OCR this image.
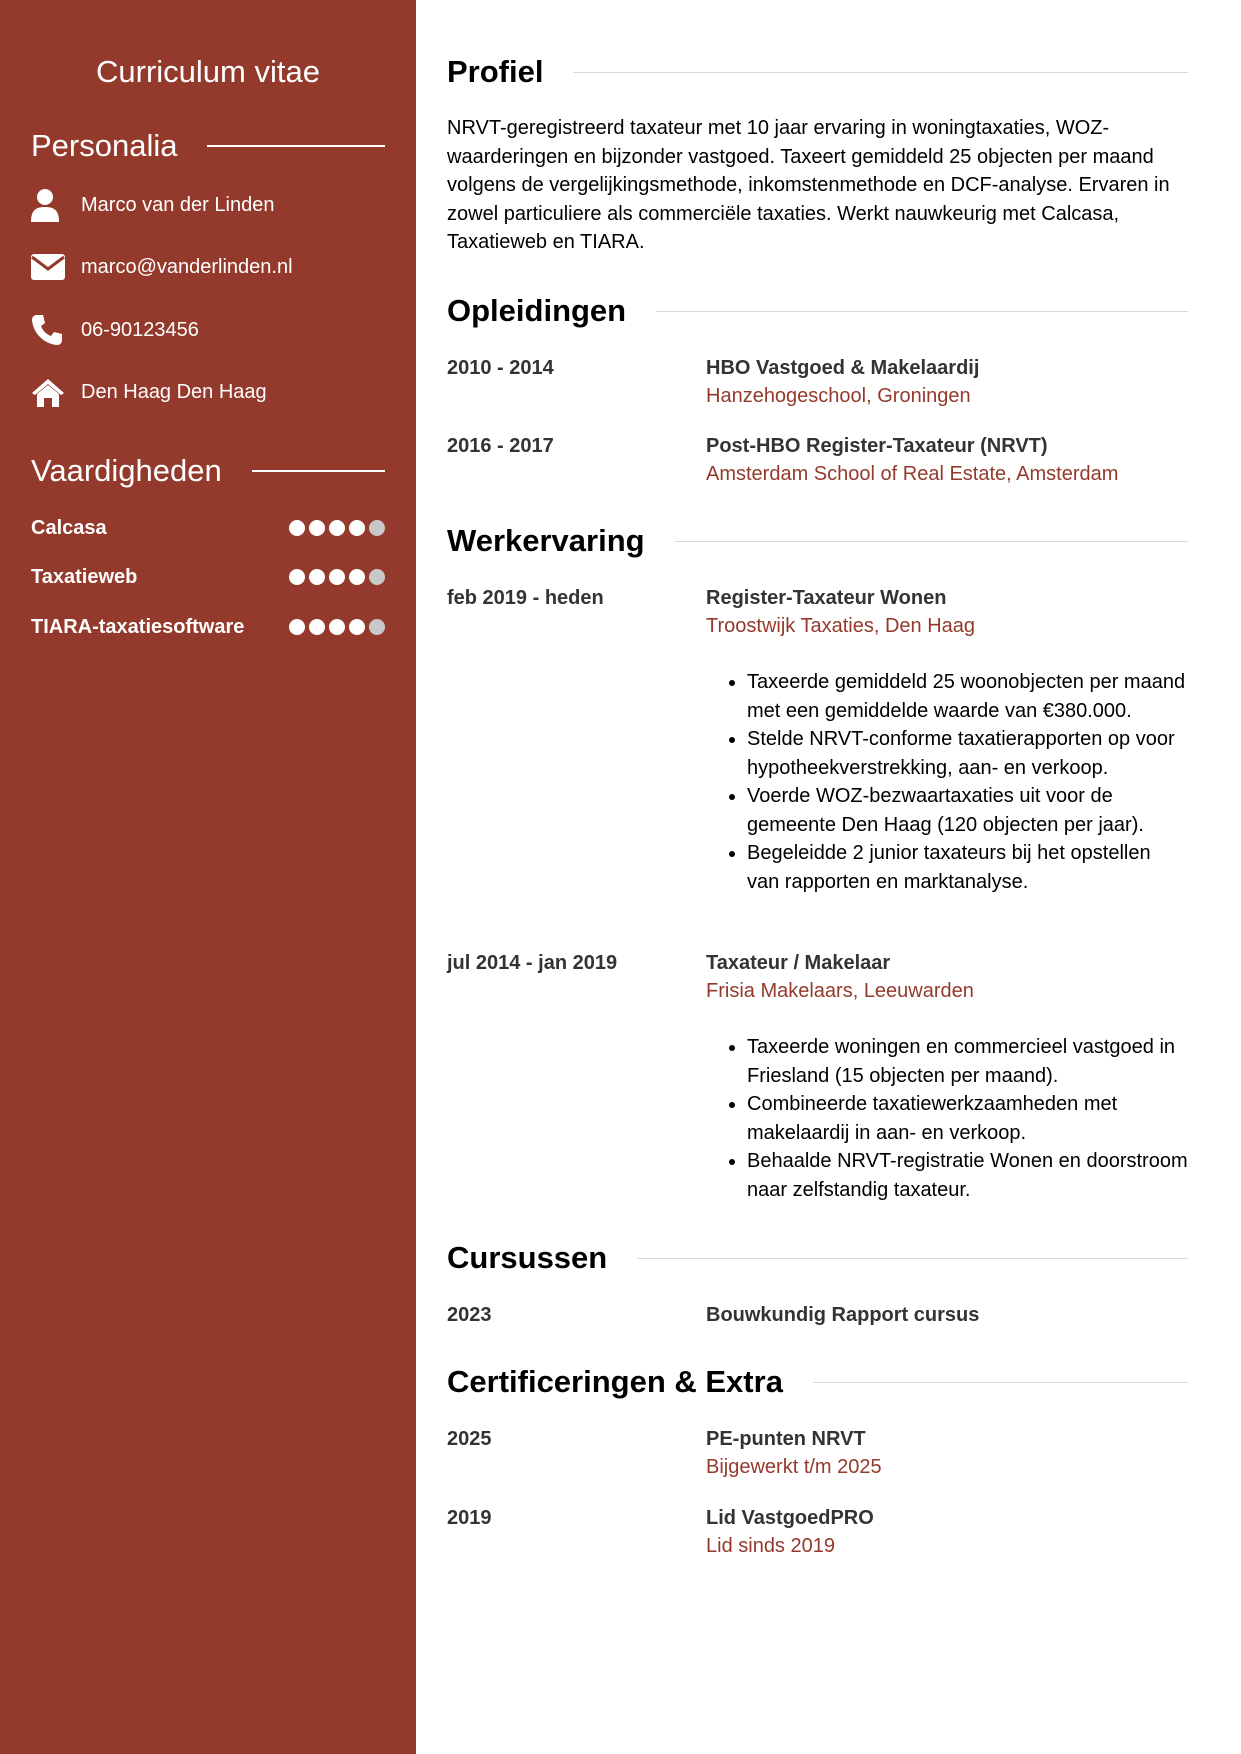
Curriculum vitae
Personalia
Marco van der Linden
marco@vanderlinden.nl
06-90123456
Den Haag Den Haag
Vaardigheden
Calcasa
Taxatieweb
TIARA-taxatiesoftware
Profiel

NRVT-geregistreerd taxateur met 10 jaar ervaring in woningtaxaties, WOZ-waarderingen en bijzonder vastgoed. Taxeert gemiddeld 25 objecten per maand volgens de vergelijkingsmethode, inkomstenmethode en DCF-analyse. Ervaren in zowel particuliere als commerciële taxaties. Werkt nauwkeurig met Calcasa, Taxatieweb en TIARA.

Opleidingen
2010 - 2014	HBO Vastgoed & Makelaardij
Hanzehogeschool, Groningen
2016 - 2017	Post-HBO Register-Taxateur (NRVT)
Amsterdam School of Real Estate, Amsterdam
Werkervaring
feb 2019 - heden	Register-Taxateur Wonen
Troostwijk Taxaties, Den Haag
• Taxeerde gemiddeld 25 woonobjecten per maand met een gemiddelde waarde van €380.000.
• Stelde NRVT-conforme taxatierapporten op voor hypotheekverstrekking, aan- en verkoop.
• Voerde WOZ-bezwaartaxaties uit voor de gemeente Den Haag (120 objecten per jaar).
• Begeleidde 2 junior taxateurs bij het opstellen van rapporten en marktanalyse.
jul 2014 - jan 2019	Taxateur / Makelaar
Frisia Makelaars, Leeuwarden
• Taxeerde woningen en commercieel vastgoed in Friesland (15 objecten per maand).
• Combineerde taxatiewerkzaamheden met makelaardij in aan- en verkoop.
• Behaalde NRVT-registratie Wonen en doorstroom naar zelfstandig taxateur.
Cursussen
2023	Bouwkundig Rapport cursus
Certificeringen & Extra
2025	PE-punten NRVT
Bijgewerkt t/m 2025
2019	Lid VastgoedPRO
Lid sinds 2019
